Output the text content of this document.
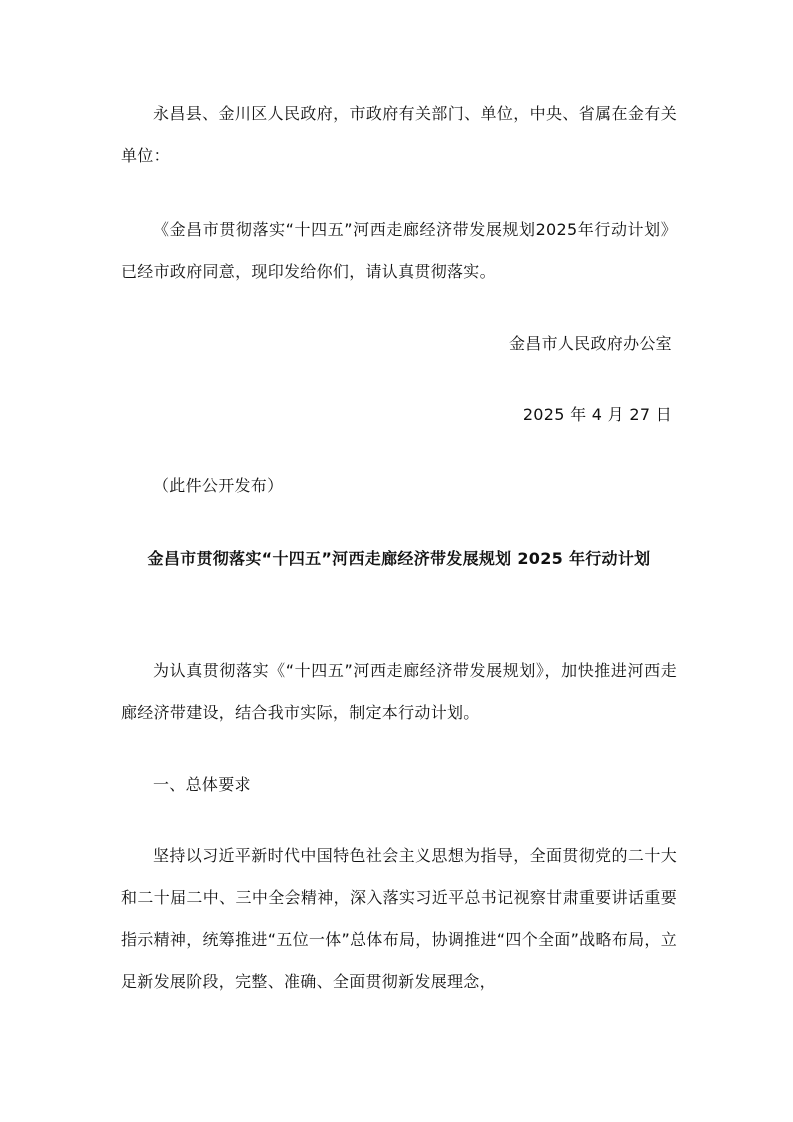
永昌县、金川区人民政府，市政府有关部门、单位，中央、省属在金有关单位：

《金昌市贯彻落实“十四五”河西走廊经济带发展规划2025年行动计划》已经市政府同意，现印发给你们，请认真贯彻落实。

金昌市人民政府办公室

2025 年 4 月 27 日

（此件公开发布）

金昌市贯彻落实“十四五”河西走廊经济带发展规划 2025 年行动计划

为认真贯彻落实《“十四五”河西走廊经济带发展规划》，加快推进河西走廊经济带建设，结合我市实际，制定本行动计划。

一、总体要求

坚持以习近平新时代中国特色社会主义思想为指导，全面贯彻党的二十大和二十届二中、三中全会精神，深入落实习近平总书记视察甘肃重要讲话重要指示精神，统筹推进“五位一体”总体布局，协调推进“四个全面”战略布局，立足新发展阶段，完整、准确、全面贯彻新发展理念，
